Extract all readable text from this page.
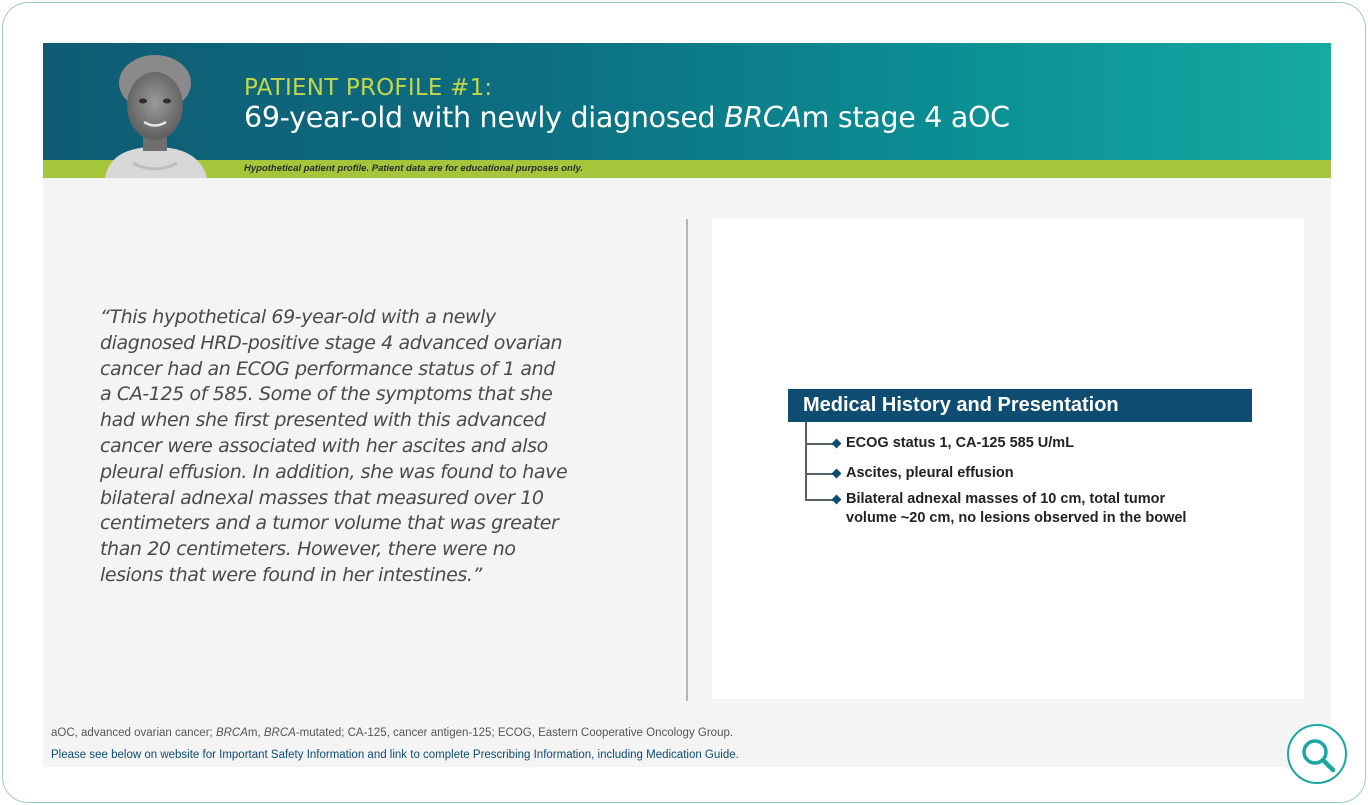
Hypothetical patient profile. Patient data are for educational purposes only.
PATIENT PROFILE #1:
69-year-old with newly diagnosed BRCAm stage 4 aOC
“This hypothetical 69-year-old with a newly diagnosed HRD-positive stage 4 advanced ovarian cancer had an ECOG performance status of 1 and a CA-125 of 585. Some of the symptoms that she had when she first presented with this advanced cancer were associated with her ascites and also pleural effusion. In addition, she was found to have bilateral adnexal masses that measured over 10 centimeters and a tumor volume that was greater than 20 centimeters. However, there were no lesions that were found in her intestines.”
Medical History and Presentation
ECOG status 1, CA-125 585 U/mL
Ascites, pleural effusion
Bilateral adnexal masses of 10 cm, total tumor
volume ~20 cm, no lesions observed in the bowel
aOC, advanced ovarian cancer; BRCAm, BRCA-mutated; CA-125, cancer antigen-125; ECOG, Eastern Cooperative Oncology Group.
Please see below on website for Important Safety Information and link to complete Prescribing Information, including Medication Guide.
